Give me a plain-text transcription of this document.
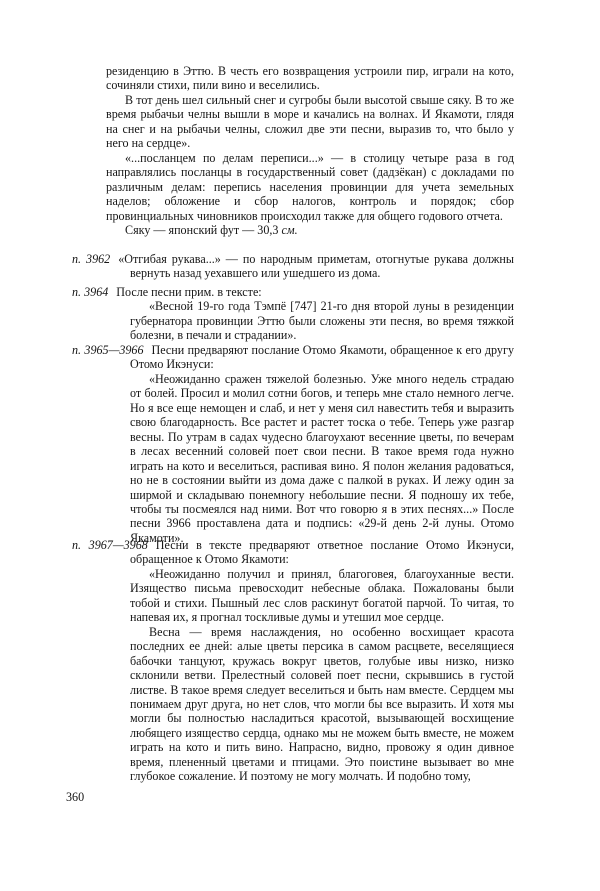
резиденцию в Эттю. В честь его возвращения устроили пир, играли на кото, сочиняли стихи, пили вино и веселились.

В тот день шел сильный снег и сугробы были высотой свыше сяку. В то же время рыбачьи челны вышли в море и качались на волнах. И Якамоти, глядя на снег и на рыбачьи челны, сложил две эти песни, выразив то, что было у него на сердце».

«...посланцем по делам переписи...» — в столицу четыре раза в год направлялись посланцы в государственный совет (дадзёкан) с докладами по различным делам: перепись населения провинции для учета земельных наделов; обложение и сбор налогов, контроль и порядок; сбор провинциальных чиновников происходил также для общего годового отчета.

Сяку — японский фут — 30,3 см.

п. 3962 «Отгибая рукава...» — по народным приметам, отогнутые рукава должны вернуть назад уехавшего или ушедшего из дома.

п. 3964 После песни прим. в тексте:

«Весной 19-го года Тэмпё [747] 21-го дня второй луны в резиденции губернатора провинции Эттю были сложены эти песня, во время тяжкой болезни, в печали и страдании».

п. 3965—3966 Песни предваряют послание Отомо Якамоти, обращенное к его другу Отомо Икэнуси:

«Неожиданно сражен тяжелой болезнью. Уже много недель страдаю от болей. Просил и молил сотни богов, и теперь мне стало немного легче. Но я все еще немощен и слаб, и нет у меня сил навестить тебя и выразить свою благодарность. Все растет и растет тоска о тебе. Теперь уже разгар весны. По утрам в садах чудесно благоухают весенние цветы, по вечерам в лесах весенний соловей поет свои песни. В такое время года нужно играть на кото и веселиться, распивая вино. Я полон желания радоваться, но не в состоянии выйти из дома даже с палкой в руках. И лежу один за ширмой и складываю понемногу небольшие песни. Я подношу их тебе, чтобы ты посмеялся над ними. Вот что говорю я в этих песнях...» После песни 3966 проставлена дата и подпись: «29-й день 2-й луны. Отомо Якамоти».

п. 3967—3968 Песни в тексте предваряют ответное послание Отомо Икэнуси, обращенное к Отомо Якамоти:

«Неожиданно получил и принял, благоговея, благоуханные вести. Изящество письма превосходит небесные облака. Пожалованы были тобой и стихи. Пышный лес слов раскинут богатой парчой. То читая, то напевая их, я прогнал тоскливые думы и утешил мое сердце.

Весна — время наслаждения, но особенно восхищает красота последних ее дней: алые цветы персика в самом расцвете, веселящиеся бабочки танцуют, кружась вокруг цветов, голубые ивы низко, низко склонили ветви. Прелестный соловей поет песни, скрывшись в густой листве. В такое время следует веселиться и быть нам вместе. Сердцем мы понимаем друг друга, но нет слов, что могли бы все выразить. И хотя мы могли бы полностью насладиться красотой, вызывающей восхищение любящего изящество сердца, однако мы не можем быть вместе, не можем играть на кото и пить вино. Напрасно, видно, провожу я один дивное время, плененный цветами и птицами. Это поистине вызывает во мне глубокое сожаление. И поэтому не могу молчать. И подобно тому,

360
